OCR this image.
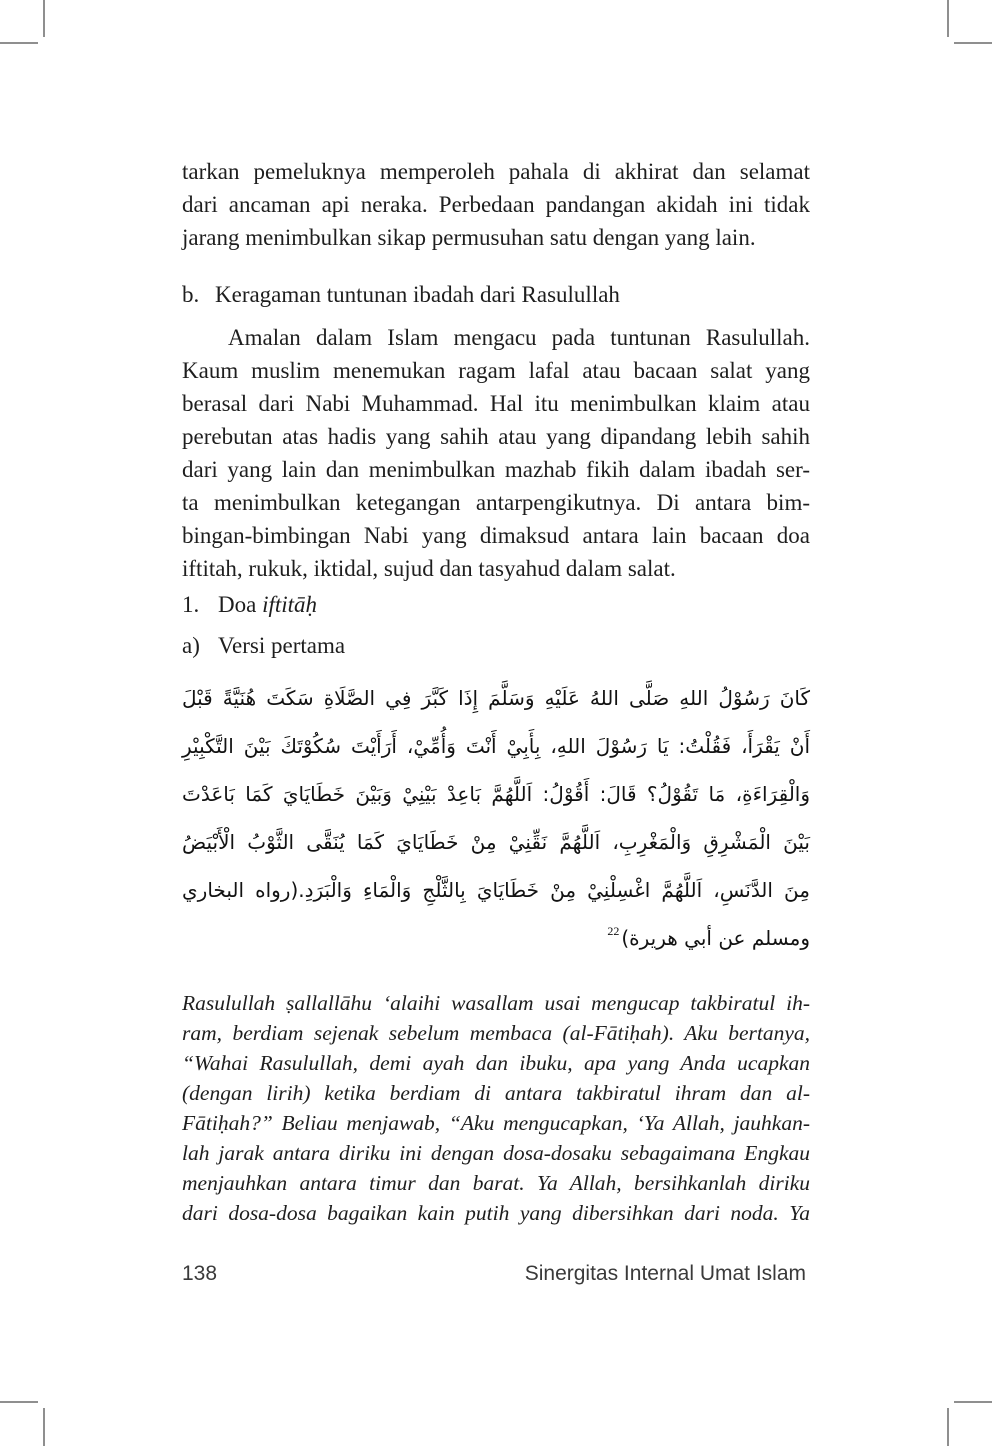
tarkan pemeluknya memperoleh pahala di akhirat dan selamat
dari ancaman api neraka. Perbedaan pandangan akidah ini tidak
jarang menimbulkan sikap permusuhan satu dengan yang lain.
b. Keragaman tuntunan ibadah dari Rasulullah
Amalan dalam Islam mengacu pada tuntunan Rasulullah.
Kaum muslim menemukan ragam lafal atau bacaan salat yang
berasal dari Nabi Muhammad. Hal itu menimbulkan klaim atau
perebutan atas hadis yang sahih atau yang dipandang lebih sahih
dari yang lain dan menimbulkan mazhab fikih dalam ibadah ser-
ta menimbulkan ketegangan antarpengikutnya. Di antara bim-
bingan-bimbingan Nabi yang dimaksud antara lain bacaan doa
iftitah, rukuk, iktidal, sujud dan tasyahud dalam salat.
1. Doa iftitāḥ
a) Versi pertama
كَانَ رَسُوْلُ اللهِ صَلَّى اللهُ عَلَيْهِ وَسَلَّمَ إِذَا كَبَّرَ فِي الصَّلَاةِ سَكَتَ هُنَيَّةً قَبْلَ
أَنْ يَقْرَأَ، فَقُلْتُ: يَا رَسُوْلَ اللهِ، بِأَبِيْ أَنْتَ وَأُمِّيْ، أَرَأَيْتَ سُكُوْتَكَ بَيْنَ التَّكْبِيْرِ
وَالْقِرَاءَةِ، مَا تَقُوْلُ؟ قَالَ: أَقُوْلُ: اَللَّهُمَّ بَاعِدْ بَيْنِيْ وَبَيْنَ خَطَايَايَ كَمَا بَاعَدْتَ
بَيْنَ الْمَشْرِقِ وَالْمَغْرِبِ، اَللَّهُمَّ نَقِّنِيْ مِنْ خَطَايَايَ كَمَا يُنَقَّى الثَّوْبُ الْأَبْيَضُ
مِنَ الدَّنَسِ، اَللَّهُمَّ اغْسِلْنِيْ مِنْ خَطَايَايَ بِالثَّلْجِ وَالْمَاءِ وَالْبَرَدِ.(رواه البخاري
ومسلم عن أبي هريرة)$^{22}$
Rasulullah ṣallallāhu ‘alaihi wasallam usai mengucap takbiratul ih-
ram, berdiam sejenak sebelum membaca (al-Fātiḥah). Aku bertanya,
“Wahai Rasulullah, demi ayah dan ibuku, apa yang Anda ucapkan
(dengan lirih) ketika berdiam di antara takbiratul ihram dan al-
Fātiḥah?” Beliau menjawab, “Aku mengucapkan, ‘Ya Allah, jauhkan-
lah jarak antara diriku ini dengan dosa-dosaku sebagaimana Engkau
menjauhkan antara timur dan barat. Ya Allah, bersihkanlah diriku
dari dosa-dosa bagaikan kain putih yang dibersihkan dari noda. Ya
138	Sinergitas Internal Umat Islam
